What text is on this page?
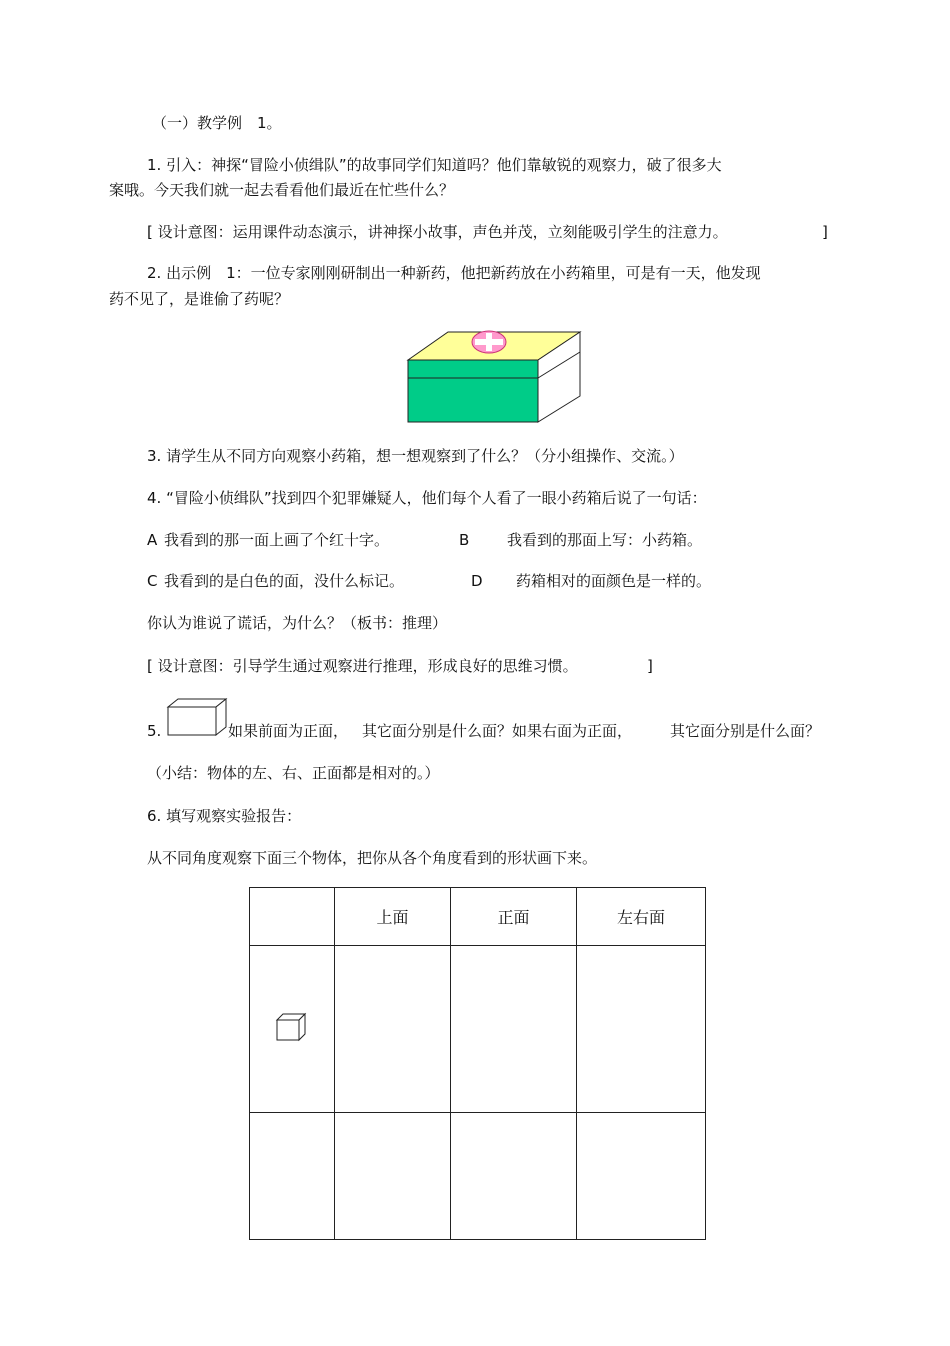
（一）教学例　1。
1. 引入：神探“冒险小侦缉队”的故事同学们知道吗？他们靠敏锐的观察力，破了很多大
案哦。今天我们就一起去看看他们最近在忙些什么？
[ 设计意图：运用课件动态演示，讲神探小故事，声色并茂，立刻能吸引学生的注意力。	]
2. 出示例　1：一位专家刚刚研制出一种新药，他把新药放在小药箱里，可是有一天，他发现
药不见了，是谁偷了药呢？
3. 请学生从不同方向观察小药箱，想一想观察到了什么？（分小组操作、交流。）
4. “冒险小侦缉队”找到四个犯罪嫌疑人，他们每个人看了一眼小药箱后说了一句话：
A 我看到的那一面上画了个红十字。	B	我看到的那面上写：小药箱。
C 我看到的是白色的面，没什么标记。	D 药箱相对的面颜色是一样的。
你认为谁说了谎话，为什么？（板书：推理）
[ 设计意图：引导学生通过观察进行推理，形成良好的思维习惯。	]
5.	如果前面为正面， 其它面分别是什么面？如果右面为正面，	其它面分别是什么面？
（小结：物体的左、右、正面都是相对的。）
6. 填写观察实验报告：
从不同角度观察下面三个物体，把你从各个角度看到的形状画下来。
	上面	正面	左右面
